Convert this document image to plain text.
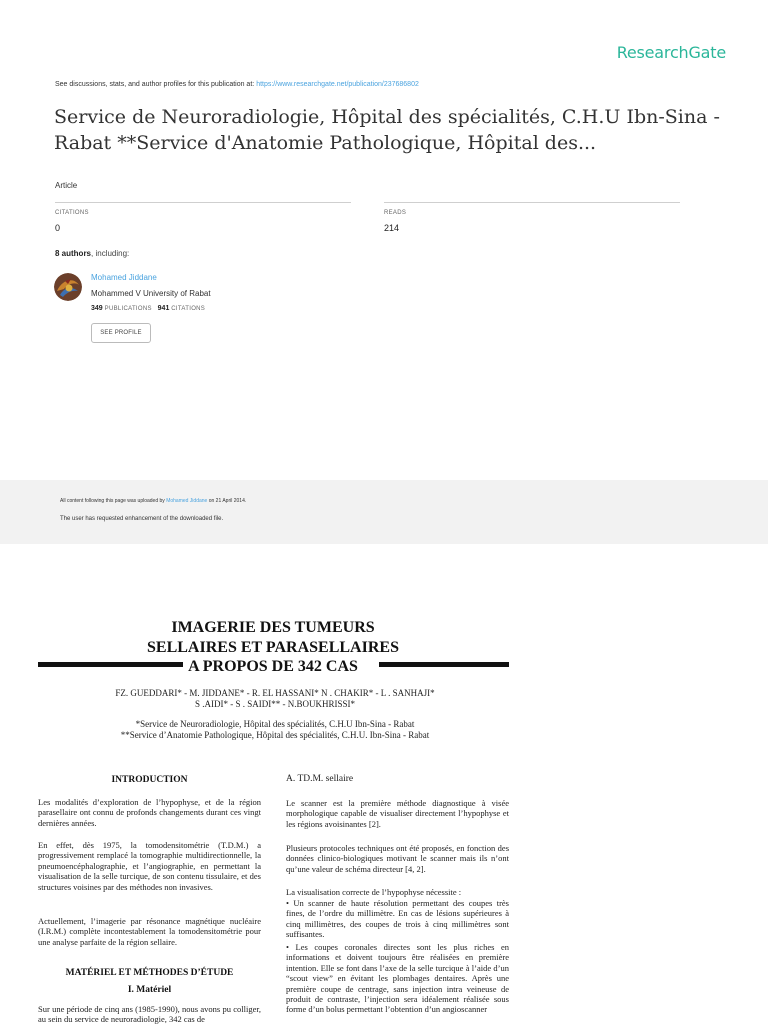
ResearchGate
See discussions, stats, and author profiles for this publication at: https://www.researchgate.net/publication/237686802
Service de Neuroradiologie, Hôpital des spécialités, C.H.U Ibn-Sina -
Rabat **Service d'Anatomie Pathologique, Hôpital des...
Article
CITATIONS
0
READS
214
8 authors, including:
Mohamed Jiddane
Mohammed V University of Rabat
349 PUBLICATIONS 941 CITATIONS
SEE PROFILE
All content following this page was uploaded by Mohamed Jiddane on 21 April 2014.
The user has requested enhancement of the downloaded file.
IMAGERIE DES TUMEURS
SELLAIRES ET PARASELLAIRES
A PROPOS DE 342 CAS
FZ. GUEDDARI* - M. JIDDANE* - R. EL HASSANI* N . CHAKIR* - L . SANHAJI*
S .AIDI* - S . SAIDI** - N.BOUKHRISSI*
*Service de Neuroradiologie, Hôpital des spécialités, C.H.U Ibn-Sina - Rabat
**Service d’Anatomie Pathologique, Hôpital des spécialités, C.H.U. Ibn-Sina - Rabat
INTRODUCTION

Les modalités d’exploration de l’hypophyse, et de la région parasellaire ont connu de profonds changements durant ces vingt dernières années.

En effet, dès 1975, la tomodensitométrie (T.D.M.) a progressivement remplacé la tomographie multidirectionnelle, la pneumoencéphalographie, et l’angiographie, en permettant la visualisation de la selle turcique, de son contenu tissulaire, et des structures voisines par des méthodes non invasives.

Actuellement, l’imagerie par résonance magnétique nucléaire (I.R.M.) complète incontestablement la tomodensitométrie pour une analyse parfaite de la région sellaire.

MATÉRIEL ET MÉTHODES D’ÉTUDE
I. Matériel

Sur une période de cinq ans (1985-1990), nous avons pu colliger, au sein du service de neuroradiologie, 342 cas de

A. TD.M. sellaire

Le scanner est la première méthode diagnostique à visée morphologique capable de visualiser directement l’hypophyse et les régions avoisinantes [2].

Plusieurs protocoles techniques ont été proposés, en fonction des données clinico-biologiques motivant le scanner mais ils n’ont qu’une valeur de schéma directeur [4, 2].

La visualisation correcte de l’hypophyse nécessite :

• Un scanner de haute résolution permettant des coupes très fines, de l’ordre du millimètre. En cas de lésions supérieures à cinq millimètres, des coupes de trois à cinq millimètres sont suffisantes.

• Les coupes coronales directes sont les plus riches en informations et doivent toujours être réalisées en première intention. Elle se font dans l’axe de la selle turcique à l’aide d’un “scout view” en évitant les plombages dentaires. Après une première coupe de centrage, sans injection intra veineuse de produit de contraste, l’injection sera idéalement réalisée sous forme d’un bolus permettant l’obtention d’un angioscanner
